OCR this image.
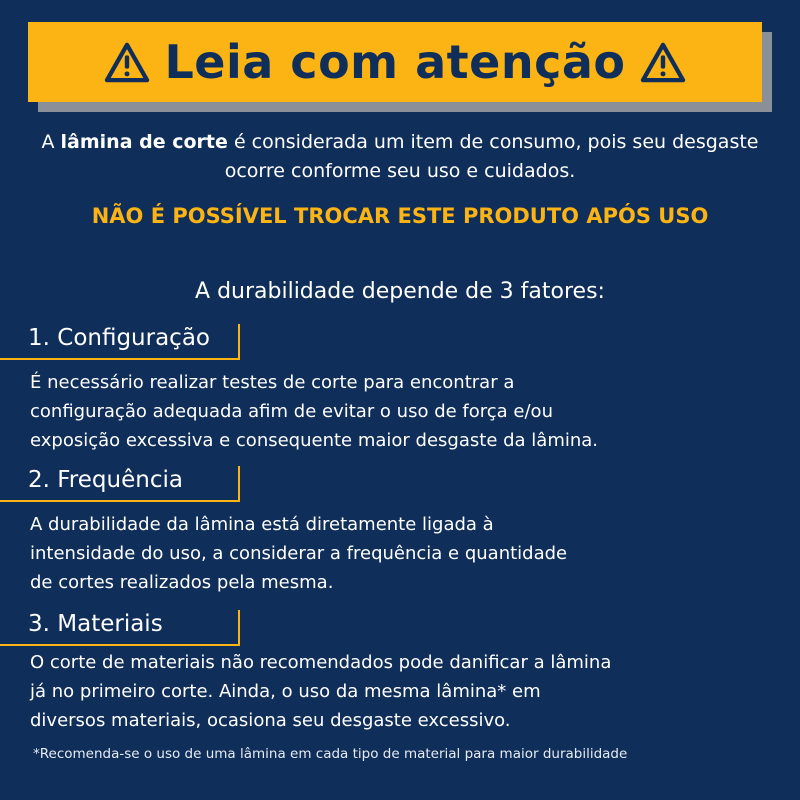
Leia com atenção
A lâmina de corte é considerada um item de consumo, pois seu desgaste
ocorre conforme seu uso e cuidados.
NÃO É POSSÍVEL TROCAR ESTE PRODUTO APÓS USO
A durabilidade depende de 3 fatores:
1. Configuração
É necessário realizar testes de corte para encontrar a
configuração adequada afim de evitar o uso de força e/ou
exposição excessiva e consequente maior desgaste da lâmina.
2. Frequência
A durabilidade da lâmina está diretamente ligada à
intensidade do uso, a considerar a frequência e quantidade
de cortes realizados pela mesma.
3. Materiais
O corte de materiais não recomendados pode danificar a lâmina
já no primeiro corte. Ainda, o uso da mesma lâmina* em
diversos materiais, ocasiona seu desgaste excessivo.
*Recomenda-se o uso de uma lâmina em cada tipo de material para maior durabilidade
